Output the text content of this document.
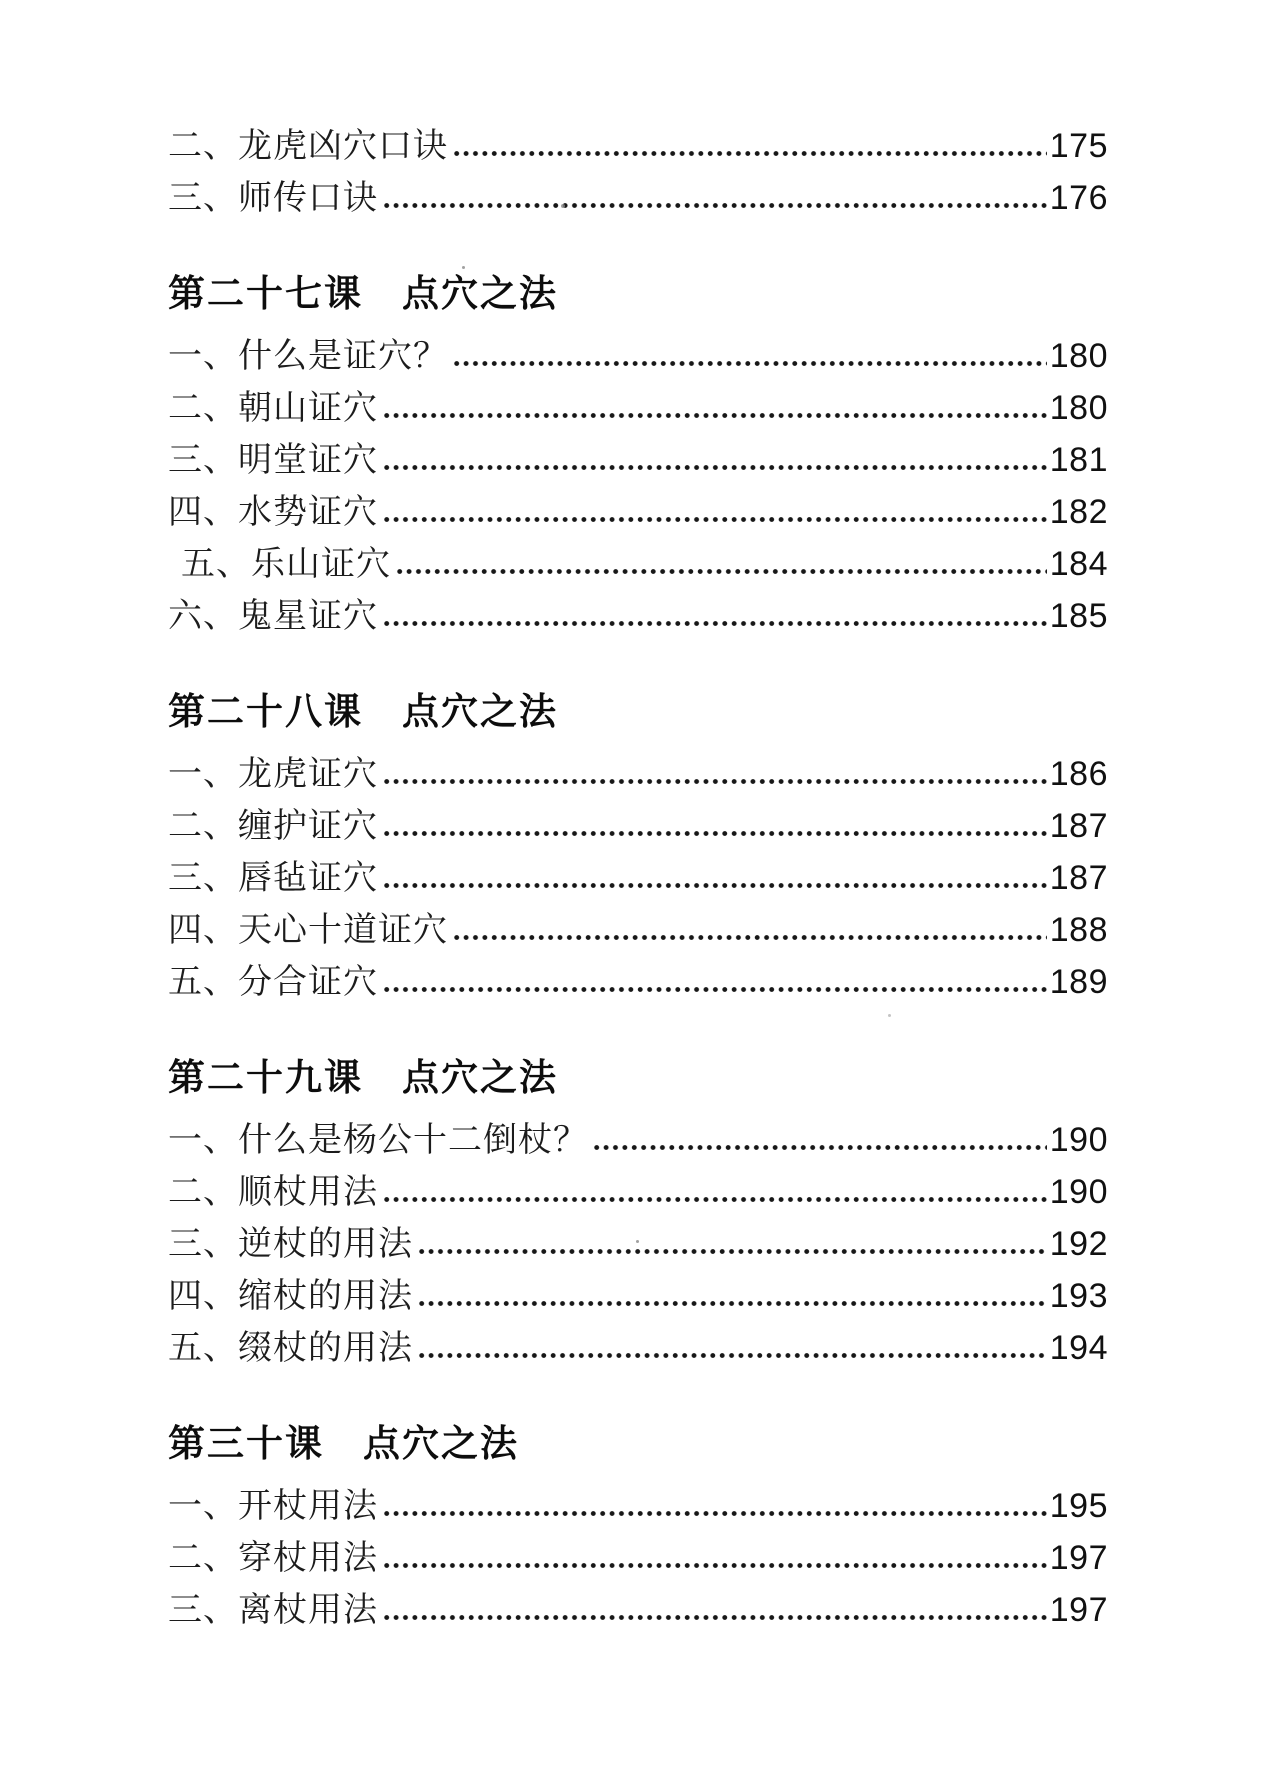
二、龙虎凶穴口诀	175
三、师传口诀	176
第二十七课　点穴之法
一、什么是证穴？	180
二、朝山证穴	180
三、明堂证穴	181
四、水势证穴	182
五、乐山证穴	184
六、鬼星证穴	185
第二十八课　点穴之法
一、龙虎证穴	186
二、缠护证穴	187
三、唇毡证穴	187
四、天心十道证穴	188
五、分合证穴	189
第二十九课　点穴之法
一、什么是杨公十二倒杖？	190
二、顺杖用法	190
三、逆杖的用法	192
四、缩杖的用法	193
五、缀杖的用法	194
第三十课　点穴之法
一、开杖用法	195
二、穿杖用法	197
三、离杖用法	197
